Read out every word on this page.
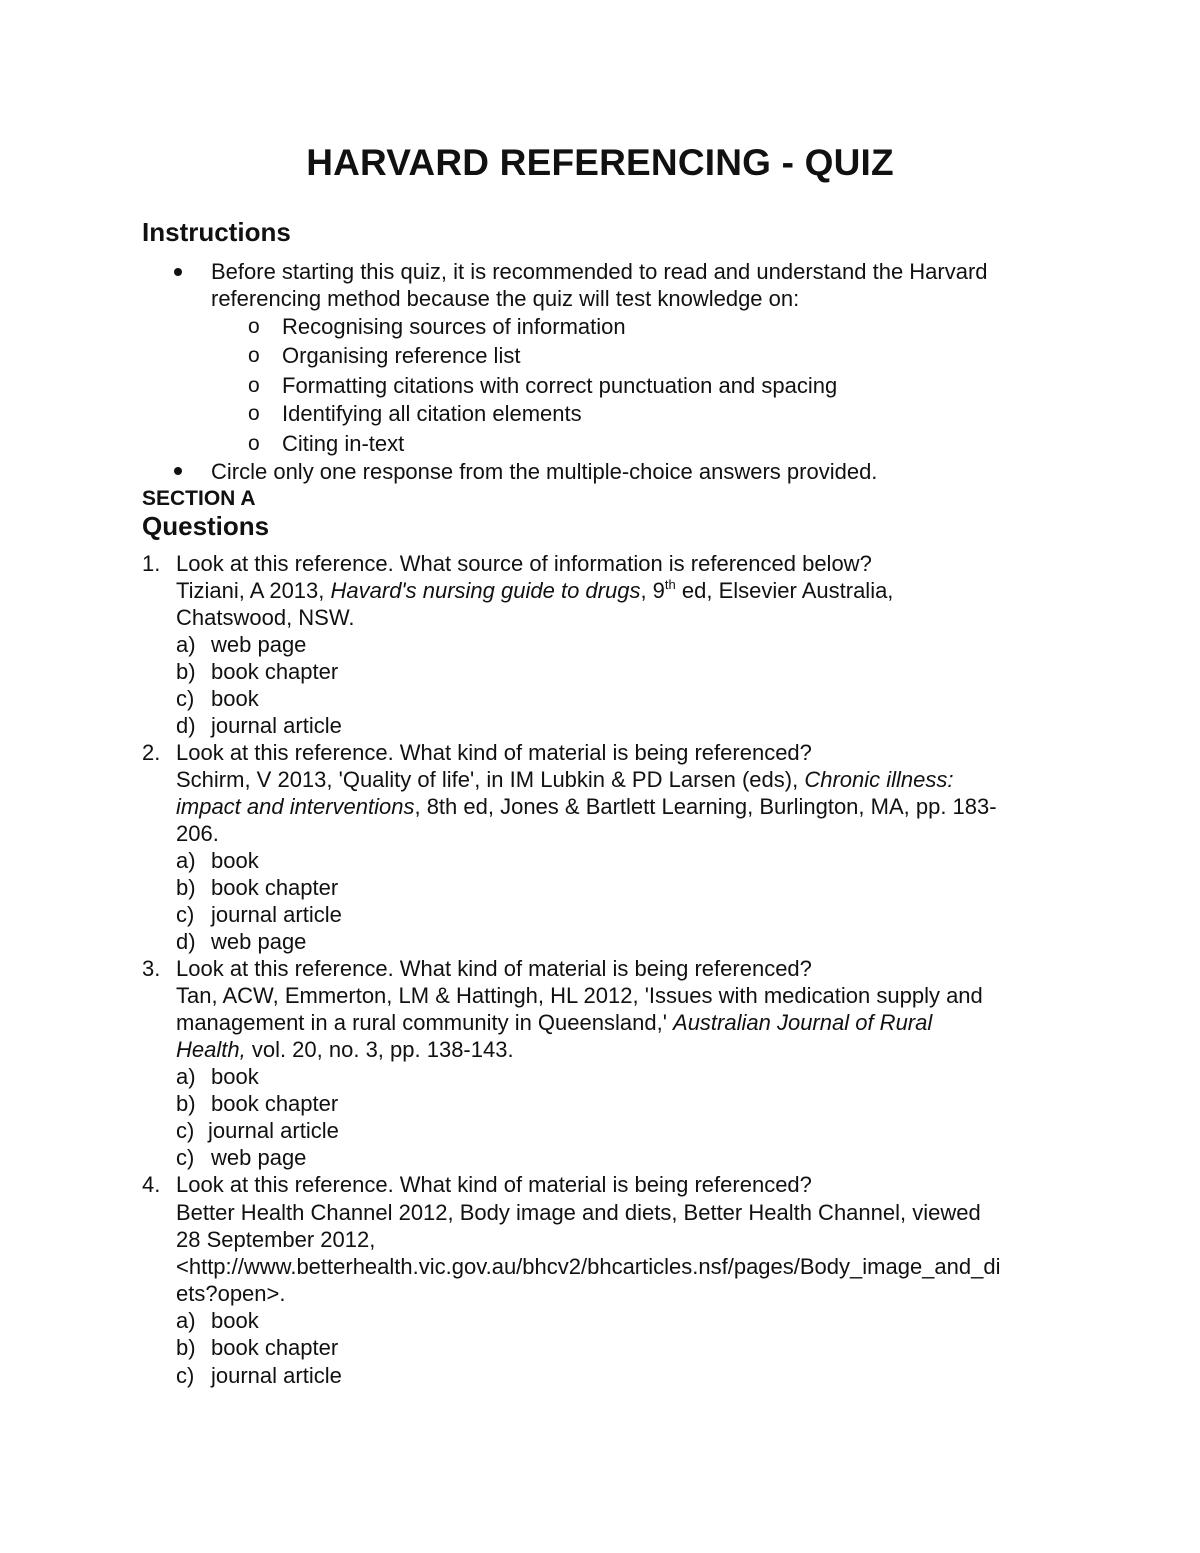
HARVARD REFERENCING - QUIZ
Instructions
Before starting this quiz, it is recommended to read and understand the Harvard
referencing method because the quiz will test knowledge on:
o Recognising sources of information
o Organising reference list
o Formatting citations with correct punctuation and spacing
o Identifying all citation elements
o Citing in-text
Circle only one response from the multiple-choice answers provided.
SECTION A
Questions
1. Look at this reference. What source of information is referenced below?
Tiziani, A 2013, Havard's nursing guide to drugs, 9th ed, Elsevier Australia,
Chatswood, NSW.
a) web page
b) book chapter
c) book
d) journal article
2. Look at this reference. What kind of material is being referenced?
Schirm, V 2013, 'Quality of life', in IM Lubkin & PD Larsen (eds), Chronic illness:
impact and interventions, 8th ed, Jones & Bartlett Learning, Burlington, MA, pp. 183-
206.
a) book
b) book chapter
c) journal article
d) web page
3. Look at this reference. What kind of material is being referenced?
Tan, ACW, Emmerton, LM & Hattingh, HL 2012, 'Issues with medication supply and
management in a rural community in Queensland,' Australian Journal of Rural
Health, vol. 20, no. 3, pp. 138-143.
a) book
b) book chapter
c) journal article
c) web page
4. Look at this reference. What kind of material is being referenced?
Better Health Channel 2012, Body image and diets, Better Health Channel, viewed
28 September 2012,
<http://www.betterhealth.vic.gov.au/bhcv2/bhcarticles.nsf/pages/Body_image_and_di
ets?open>.
a) book
b) book chapter
c) journal article
